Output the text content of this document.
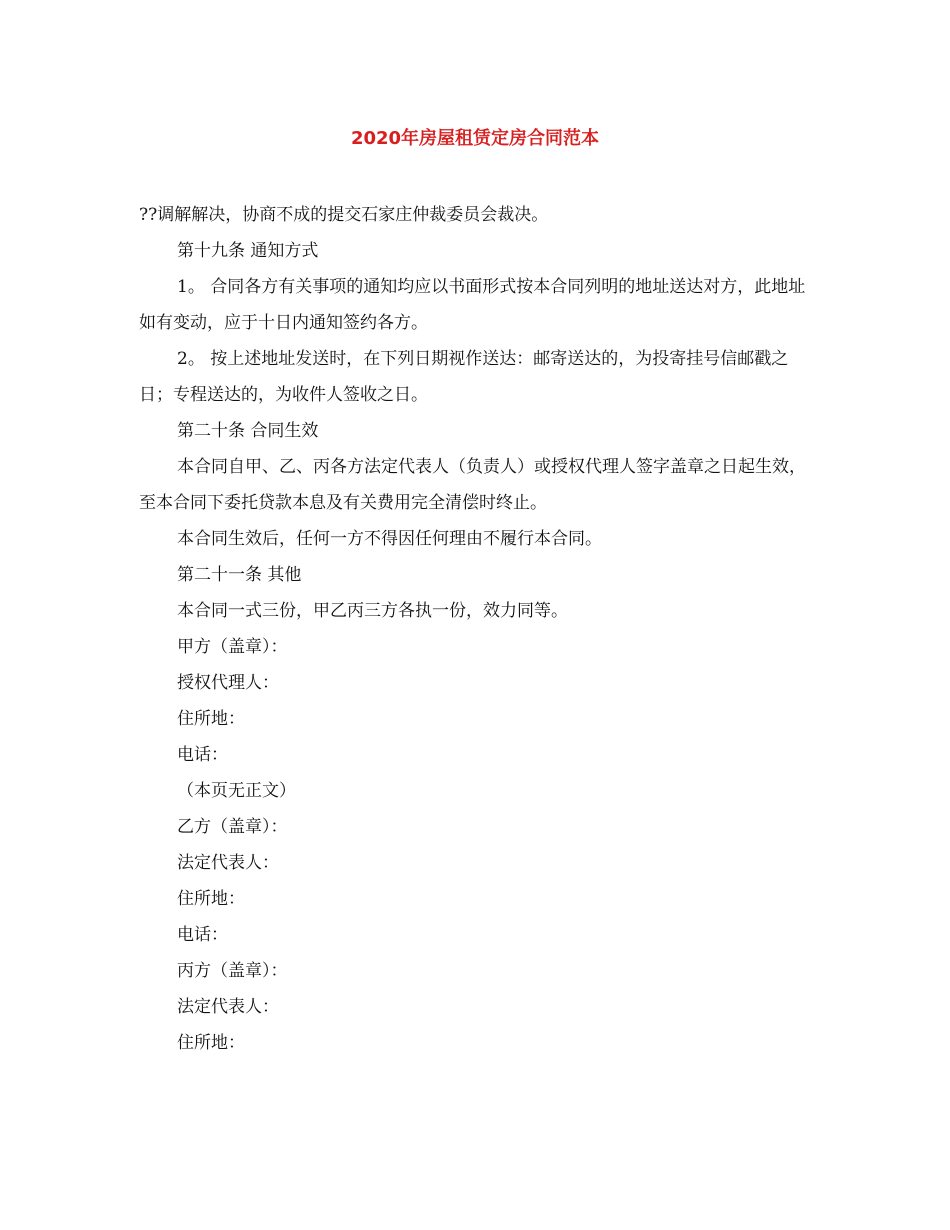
2020年房屋租赁定房合同范本

??调解解决，协商不成的提交石家庄仲裁委员会裁决。

第十九条 通知方式

1。 合同各方有关事项的通知均应以书面形式按本合同列明的地址送达对方，此地址如有变动，应于十日内通知签约各方。

2。 按上述地址发送时，在下列日期视作送达：邮寄送达的，为投寄挂号信邮戳之日；专程送达的，为收件人签收之日。

第二十条 合同生效

本合同自甲、乙、丙各方法定代表人（负责人）或授权代理人签字盖章之日起生效，至本合同下委托贷款本息及有关费用完全清偿时终止。

本合同生效后，任何一方不得因任何理由不履行本合同。

第二十一条 其他

本合同一式三份，甲乙丙三方各执一份，效力同等。

甲方（盖章）：

授权代理人：

住所地：

电话：

（本页无正文）

乙方（盖章）：

法定代表人：

住所地：

电话：

丙方（盖章）：

法定代表人：

住所地：
